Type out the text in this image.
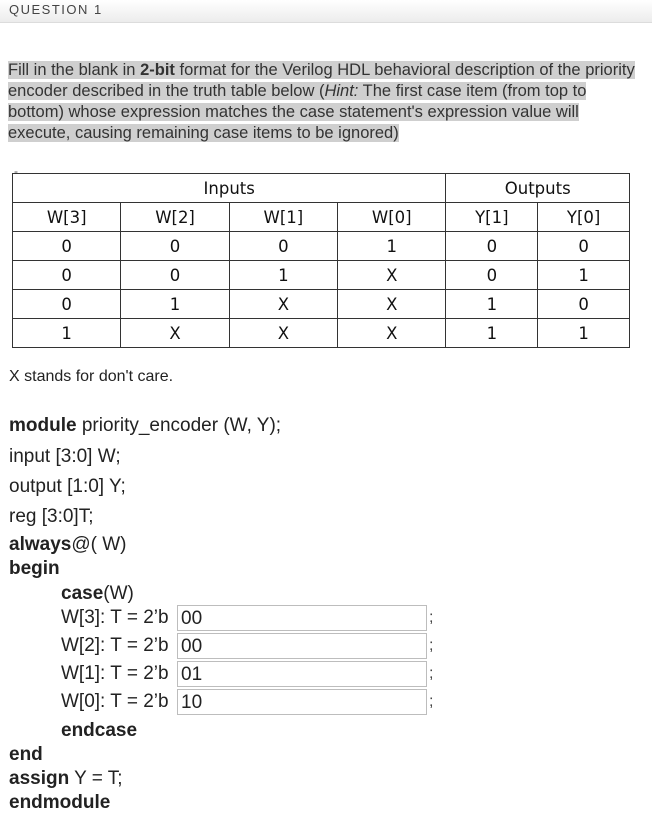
QUESTION 1
Fill in the blank in 2-bit format for the Verilog HDL behavioral description of the priority encoder described in the truth table below (Hint: The first case item (from top to bottom) whose expression matches the case statement's expression value will execute, causing remaining case items to be ignored)
-
Inputs				Outputs	
W[3]	W[2]	W[1]	W[0]	Y[1]	Y[0]
0	0	0	1	0	0
0	0	1	X	0	1
0	1	X	X	1	0
1	X	X	X	1	1
X stands for don't care.
module priority_encoder (W, Y);
input [3:0] W;
output [1:0] Y;
reg [3:0]T;
always@( W)
begin
case(W)
W[3]: T = 2’b 00	;
W[2]: T = 2’b 00	;
W[1]: T = 2’b 01	;
W[0]: T = 2’b 10	;
endcase
end
assign Y = T;
endmodule
